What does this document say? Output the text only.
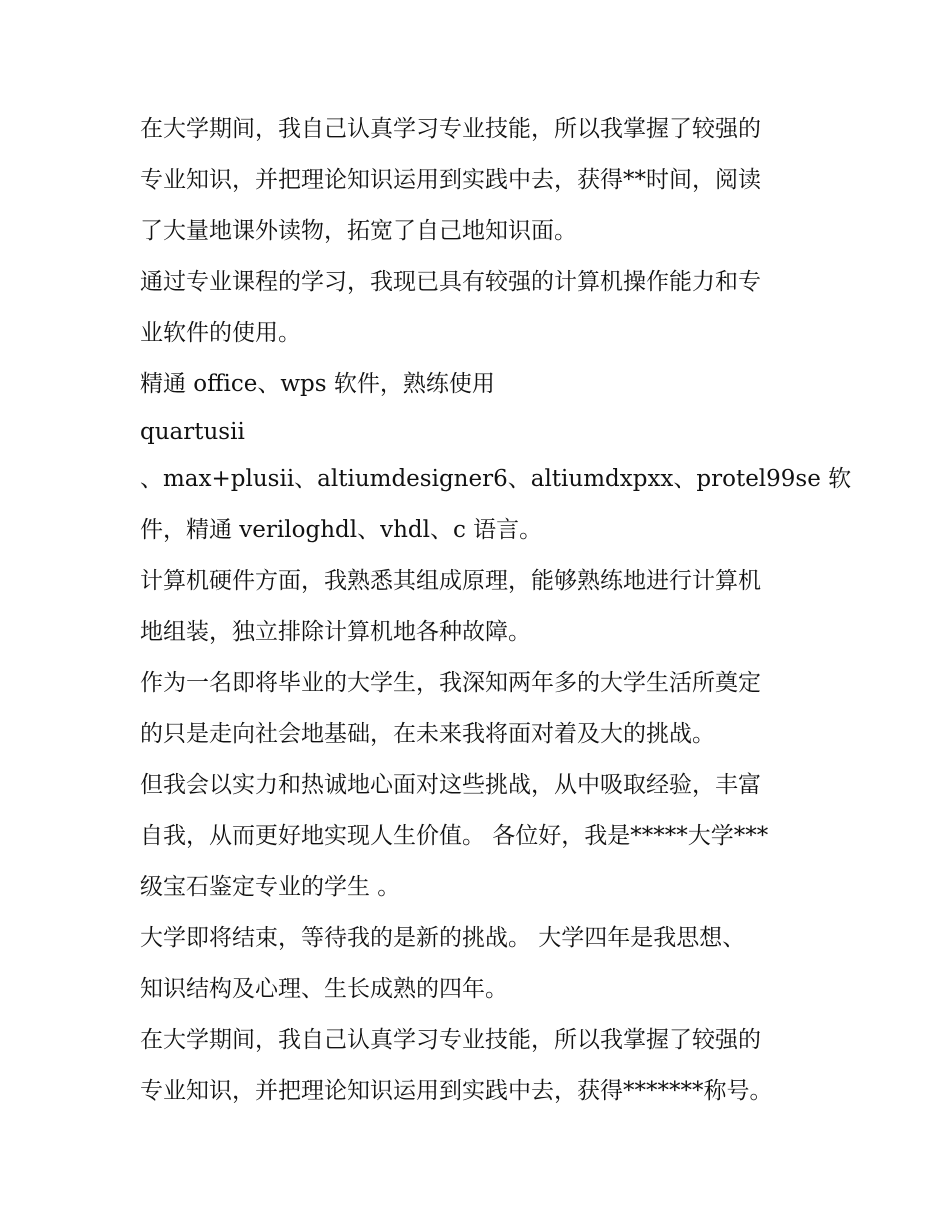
在大学期间，我自己认真学习专业技能，所以我掌握了较强的

专业知识，并把理论知识运用到实践中去，获得**时间，阅读

了大量地课外读物，拓宽了自己地知识面。

通过专业课程的学习，我现已具有较强的计算机操作能力和专

业软件的使用。

精通 office、wps 软件，熟练使用

quartusii

、max+plusii、altiumdesigner6、altiumdxpxx、protel99se 软

件，精通 veriloghdl、vhdl、c 语言。

计算机硬件方面，我熟悉其组成原理，能够熟练地进行计算机

地组装，独立排除计算机地各种故障。

作为一名即将毕业的大学生，我深知两年多的大学生活所奠定

的只是走向社会地基础，在未来我将面对着及大的挑战。

但我会以实力和热诚地心面对这些挑战，从中吸取经验，丰富

自我，从而更好地实现人生价值。 各位好，我是*****大学***

级宝石鉴定专业的学生 。

大学即将结束，等待我的是新的挑战。 大学四年是我思想、

知识结构及心理、生长成熟的四年。

在大学期间，我自己认真学习专业技能，所以我掌握了较强的

专业知识，并把理论知识运用到实践中去，获得*******称号。
